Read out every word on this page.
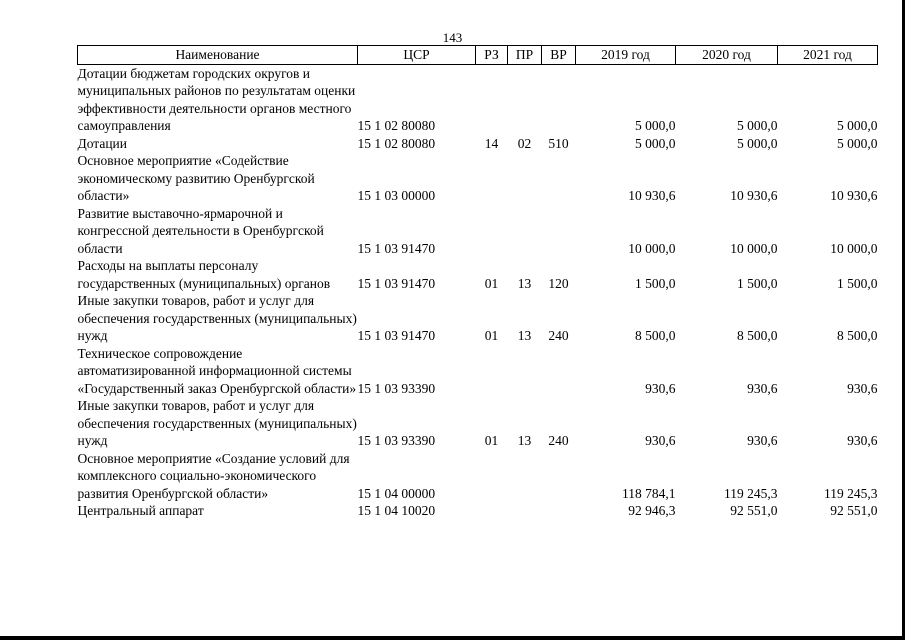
143
Наименование	ЦСР	РЗ	ПР	ВР	2019 год	2020 год	2021 год
Дотации бюджетам городских округов и муниципальных районов по результатам оценки эффективности деятельности органов местного самоуправления	15 1 02 80080				5 000,0	5 000,0	5 000,0
Дотации	15 1 02 80080	14	02	510	5 000,0	5 000,0	5 000,0
Основное мероприятие «Содействие экономическому развитию Оренбургской области»	15 1 03 00000				10 930,6	10 930,6	10 930,6
Развитие выставочно-ярмарочной и конгрессной деятельности в Оренбургской области	15 1 03 91470				10 000,0	10 000,0	10 000,0
Расходы на выплаты персоналу государственных (муниципальных) органов	15 1 03 91470	01	13	120	1 500,0	1 500,0	1 500,0
Иные закупки товаров, работ и услуг для обеспечения государственных (муниципальных) нужд	15 1 03 91470	01	13	240	8 500,0	8 500,0	8 500,0
Техническое сопровождение автоматизированной информационной системы «Государственный заказ Оренбургской области»	15 1 03 93390				930,6	930,6	930,6
Иные закупки товаров, работ и услуг для обеспечения государственных (муниципальных) нужд	15 1 03 93390	01	13	240	930,6	930,6	930,6
Основное мероприятие «Создание условий для комплексного социально-экономического развития Оренбургской области»	15 1 04 00000				118 784,1	119 245,3	119 245,3
Центральный аппарат	15 1 04 10020				92 946,3	92 551,0	92 551,0
